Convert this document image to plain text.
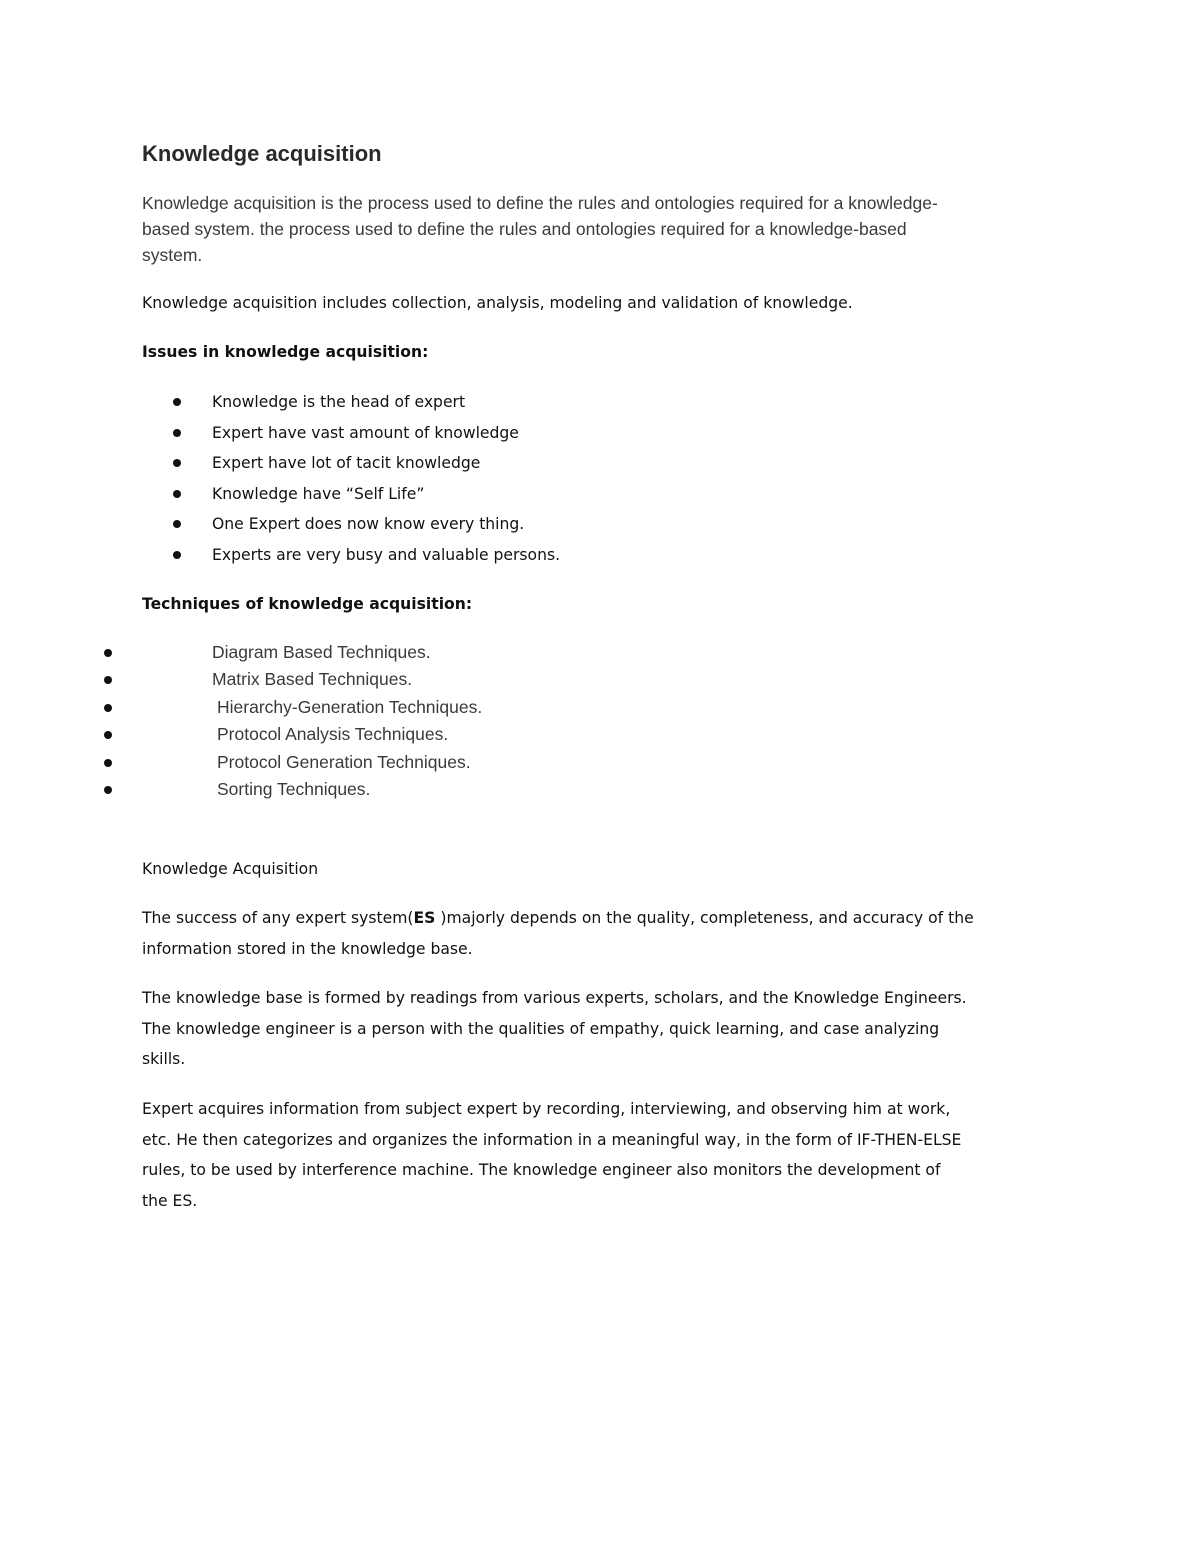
Knowledge acquisition
Knowledge acquisition is the process used to define the rules and ontologies required for a knowledge-
based system. the process used to define the rules and ontologies required for a knowledge-based
system.
Knowledge acquisition includes collection, analysis, modeling and validation of knowledge.
Issues in knowledge acquisition:
Knowledge is the head of expert
Expert have vast amount of knowledge
Expert have lot of tacit knowledge
Knowledge have “Self Life”
One Expert does now know every thing.
Experts are very busy and valuable persons.
Techniques of knowledge acquisition:
Diagram Based Techniques.
Matrix Based Techniques.
Hierarchy-Generation Techniques.
Protocol Analysis Techniques.
Protocol Generation Techniques.
Sorting Techniques.
Knowledge Acquisition
The success of any expert system(ES )majorly depends on the quality, completeness, and accuracy of the
information stored in the knowledge base.
The knowledge base is formed by readings from various experts, scholars, and the Knowledge Engineers.
The knowledge engineer is a person with the qualities of empathy, quick learning, and case analyzing
skills.
Expert acquires information from subject expert by recording, interviewing, and observing him at work,
etc. He then categorizes and organizes the information in a meaningful way, in the form of IF-THEN-ELSE
rules, to be used by interference machine. The knowledge engineer also monitors the development of
the ES.
